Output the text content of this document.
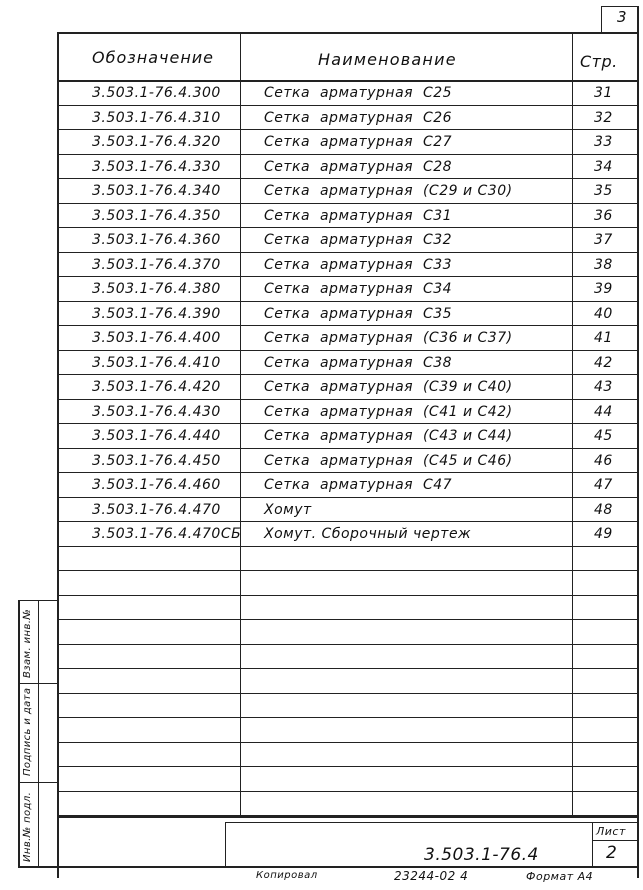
3
Обозначение	Наименование	Стр.
3.503.1-76.4.300	Сетка  арматурная  С25	31
3.503.1-76.4.310	Сетка  арматурная  С26	32
3.503.1-76.4.320	Сетка  арматурная  С27	33
3.503.1-76.4.330	Сетка  арматурная  С28	34
3.503.1-76.4.340	Сетка  арматурная  (С29 и С30)	35
3.503.1-76.4.350	Сетка  арматурная  С31	36
3.503.1-76.4.360	Сетка  арматурная  С32	37
3.503.1-76.4.370	Сетка  арматурная  С33	38
3.503.1-76.4.380	Сетка  арматурная  С34	39
3.503.1-76.4.390	Сетка  арматурная  С35	40
3.503.1-76.4.400	Сетка  арматурная  (С36 и С37)	41
3.503.1-76.4.410	Сетка  арматурная  С38	42
3.503.1-76.4.420	Сетка  арматурная  (С39 и С40)	43
3.503.1-76.4.430	Сетка  арматурная  (С41 и С42)	44
3.503.1-76.4.440	Сетка  арматурная  (С43 и С44)	45
3.503.1-76.4.450	Сетка  арматурная  (С45 и С46)	46
3.503.1-76.4.460	Сетка  арматурная  С47	47
3.503.1-76.4.470	Хомут	48
3.503.1-76.4.470СБ Хомут. Сборочный чертеж	49
Взам. инв.№
Подпись и дата
Инв.№ подл.	3.503.1-76.4
Лист
2
Копировал	23244-02 4	Формат А4
